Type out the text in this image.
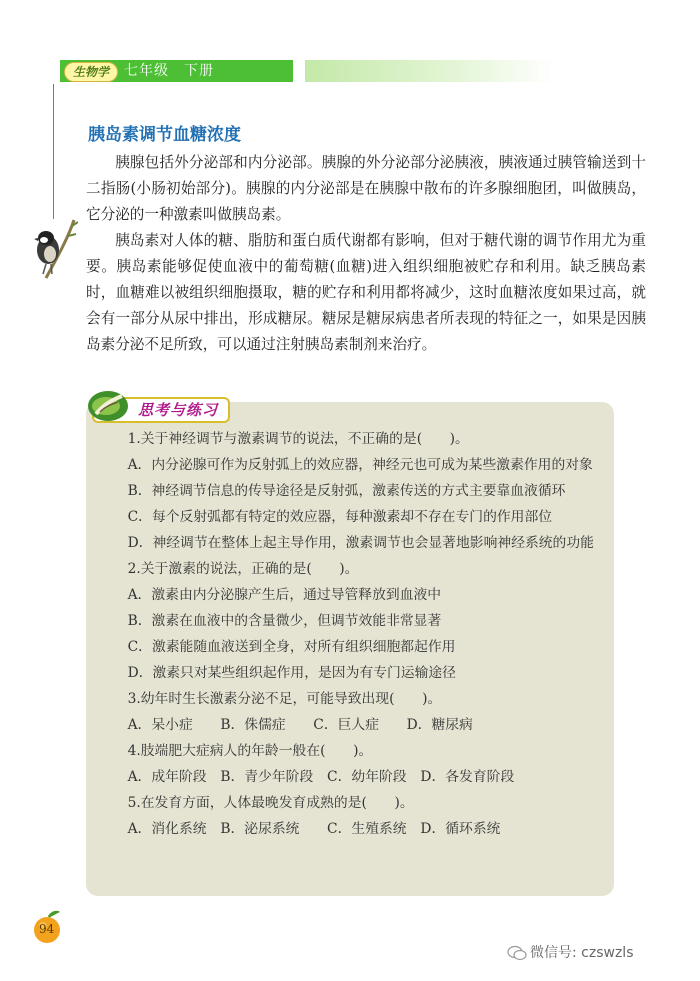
生物学	七年级　下册
胰岛素调节血糖浓度

胰腺包括外分泌部和内分泌部。胰腺的外分泌部分泌胰液，胰液通过胰管输送到十二指肠(小肠初始部分)。胰腺的内分泌部是在胰腺中散布的许多腺细胞团，叫做胰岛，它分泌的一种激素叫做胰岛素。

胰岛素对人体的糖、脂肪和蛋白质代谢都有影响，但对于糖代谢的调节作用尤为重要。胰岛素能够促使血液中的葡萄糖(血糖)进入组织细胞被贮存和利用。缺乏胰岛素时，血糖难以被组织细胞摄取，糖的贮存和利用都将减少，这时血糖浓度如果过高，就会有一部分从尿中排出，形成糖尿。糖尿是糖尿病患者所表现的特征之一，如果是因胰岛素分泌不足所致，可以通过注射胰岛素制剂来治疗。

思考与练习

1.关于神经调节与激素调节的说法，不正确的是(　　)。

A．内分泌腺可作为反射弧上的效应器，神经元也可成为某些激素作用的对象

B．神经调节信息的传导途径是反射弧，激素传送的方式主要靠血液循环

C．每个反射弧都有特定的效应器，每种激素却不存在专门的作用部位

D．神经调节在整体上起主导作用，激素调节也会显著地影响神经系统的功能

2.关于激素的说法，正确的是(　　)。

A．激素由内分泌腺产生后，通过导管释放到血液中

B．激素在血液中的含量微少，但调节效能非常显著

C．激素能随血液送到全身，对所有组织细胞都起作用

D．激素只对某些组织起作用，是因为有专门运输途径

3.幼年时生长激素分泌不足，可能导致出现(　　)。

A．呆小症　　B．侏儒症　　C．巨人症　　D．糖尿病

4.肢端肥大症病人的年龄一般在(　　)。

A．成年阶段　B．青少年阶段　C．幼年阶段　D．各发育阶段

5.在发育方面，人体最晚发育成熟的是(　　)。

A．消化系统　B．泌尿系统　　C．生殖系统　D．循环系统

94
微信号: czswzls
